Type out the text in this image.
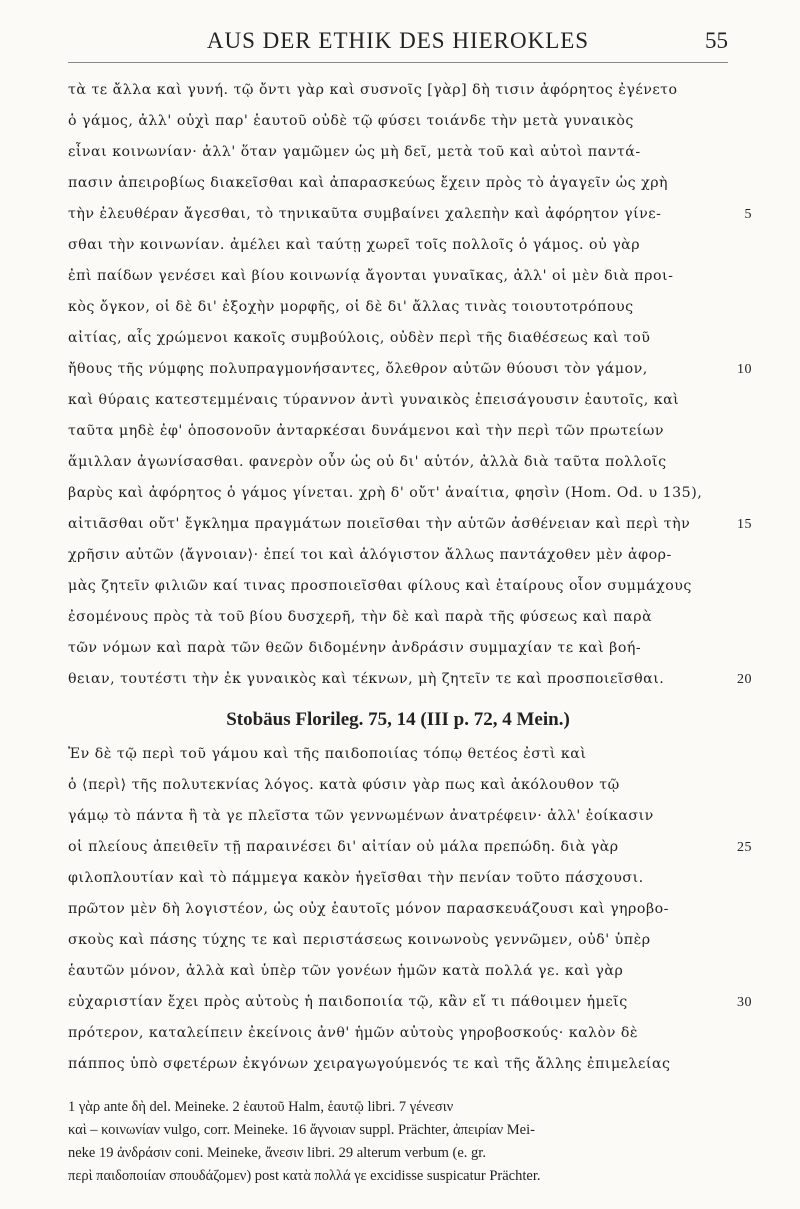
AUS DER ETHIK DES HIEROKLES	55
τὰ τε ἄλλα καὶ γυνή. τῷ ὄντι γὰρ καὶ συσνοῖς [γὰρ] δὴ τισιν ἀφόρητος ἐγένετο
ὁ γάμος, ἀλλ' οὐχὶ παρ' ἑαυτοῦ οὐδὲ τῷ φύσει τοιάνδε τὴν μετὰ γυναικὸς
εἶναι κοινωνίαν· ἀλλ' ὅταν γαμῶμεν ὡς μὴ δεῖ, μετὰ τοῦ καὶ αὐτοὶ παντά-
πασιν ἀπειροβίως διακεῖσθαι καὶ ἀπαρασκεύως ἔχειν πρὸς τὸ ἀγαγεῖν ὡς χρὴ
τὴν ἐλευθέραν ἄγεσθαι, τὸ τηνικαῦτα συμβαίνει χαλεπὴν καὶ ἀφόρητον γίνε-	5
σθαι τὴν κοινωνίαν. ἀμέλει καὶ ταύτῃ χωρεῖ τοῖς πολλοῖς ὁ γάμος. οὐ γὰρ
ἐπὶ παίδων γενέσει καὶ βίου κοινωνίᾳ ἄγονται γυναῖκας, ἀλλ' οἱ μὲν διὰ προι-
κὸς ὄγκον, οἱ δὲ δι' ἐξοχὴν μορφῆς, οἱ δὲ δι' ἄλλας τινὰς τοιουτοτρόπους
αἰτίας, αἷς χρώμενοι κακοῖς συμβούλοις, οὐδὲν περὶ τῆς διαθέσεως καὶ τοῦ
ἤθους τῆς νύμφης πολυπραγμονήσαντες, ὄλεθρον αὐτῶν θύουσι τὸν γάμον,	10
καὶ θύραις κατεστεμμέναις τύραννον ἀντὶ γυναικὸς ἐπεισάγουσιν ἑαυτοῖς, καὶ
ταῦτα μηδὲ ἐφ' ὁποσονοῦν ἀνταρκέσαι δυνάμενοι καὶ τὴν περὶ τῶν πρωτείων
ἅμιλλαν ἀγωνίσασθαι. φανερὸν οὖν ὡς οὐ δι' αὑτόν, ἀλλὰ διὰ ταῦτα πολλοῖς
βαρὺς καὶ ἀφόρητος ὁ γάμος γίνεται. χρὴ δ' οὔτ' ἀναίτια, φησὶν (Hom. Od. υ 135),
αἰτιᾶσθαι οὔτ' ἔγκλημα πραγμάτων ποιεῖσθαι τὴν αὑτῶν ἀσθένειαν καὶ περὶ τὴν	15
χρῆσιν αὐτῶν ⟨ἄγνοιαν⟩· ἐπεί τοι καὶ ἀλόγιστον ἄλλως παντάχοθεν μὲν ἀφορ-
μὰς ζητεῖν φιλιῶν καί τινας προσποιεῖσθαι φίλους καὶ ἑταίρους οἷον συμμάχους
ἐσομένους πρὸς τὰ τοῦ βίου δυσχερῆ, τὴν δὲ καὶ παρὰ τῆς φύσεως καὶ παρὰ
τῶν νόμων καὶ παρὰ τῶν θεῶν διδομένην ἀνδράσιν συμμαχίαν τε καὶ βοή-
θειαν, τουτέστι τὴν ἐκ γυναικὸς καὶ τέκνων, μὴ ζητεῖν τε καὶ προσποιεῖσθαι.	20
Stobäus Florileg. 75, 14 (III p. 72, 4 Mein.)
Ἐν δὲ τῷ περὶ τοῦ γάμου καὶ τῆς παιδοποιίας τόπῳ θετέος ἐστὶ καὶ
ὁ ⟨περὶ⟩ τῆς πολυτεκνίας λόγος. κατὰ φύσιν γὰρ πως καὶ ἀκόλουθον τῷ
γάμῳ τὸ πάντα ἢ τὰ γε πλεῖστα τῶν γεννωμένων ἀνατρέφειν· ἀλλ' ἐοίκασιν
οἱ πλείους ἀπειθεῖν τῇ παραινέσει δι' αἰτίαν οὐ μάλα πρεπώδη. διὰ γὰρ	25
φιλοπλουτίαν καὶ τὸ πάμμεγα κακὸν ἡγεῖσθαι τὴν πενίαν τοῦτο πάσχουσι.
πρῶτον μὲν δὴ λογιστέον, ὡς οὐχ ἑαυτοῖς μόνον παρασκευάζουσι καὶ γηροβο-
σκοὺς καὶ πάσης τύχης τε καὶ περιστάσεως κοινωνοὺς γεννῶμεν, οὐδ' ὑπὲρ
ἑαυτῶν μόνον, ἀλλὰ καὶ ὑπὲρ τῶν γονέων ἡμῶν κατὰ πολλά γε. καὶ γὰρ
εὐχαριστίαν ἔχει πρὸς αὐτοὺς ἡ παιδοποιία τῷ, κἂν εἴ τι πάθοιμεν ἡμεῖς	30
πρότερον, καταλείπειν ἐκείνοις ἀνθ' ἡμῶν αὐτοὺς γηροβοσκούς· καλὸν δὲ
πάππος ὑπὸ σφετέρων ἐκγόνων χειραγωγούμενός τε καὶ τῆς ἄλλης ἐπιμελείας
1 γὰρ ante δὴ del. Meineke. 2 ἑαυτοῦ Halm, ἑαυτῷ libri. 7 γένεσιν
καὶ – κοινωνίαν vulgo, corr. Meineke. 16 ἄγνοιαν suppl. Prächter, ἀπειρίαν Mei-
neke 19 ἀνδράσιν coni. Meineke, ἄνεσιν libri. 29 alterum verbum (e. gr.
περὶ παιδοποιίαν σπουδάζομεν) post κατὰ πολλά γε excidisse suspicatur Prächter.
